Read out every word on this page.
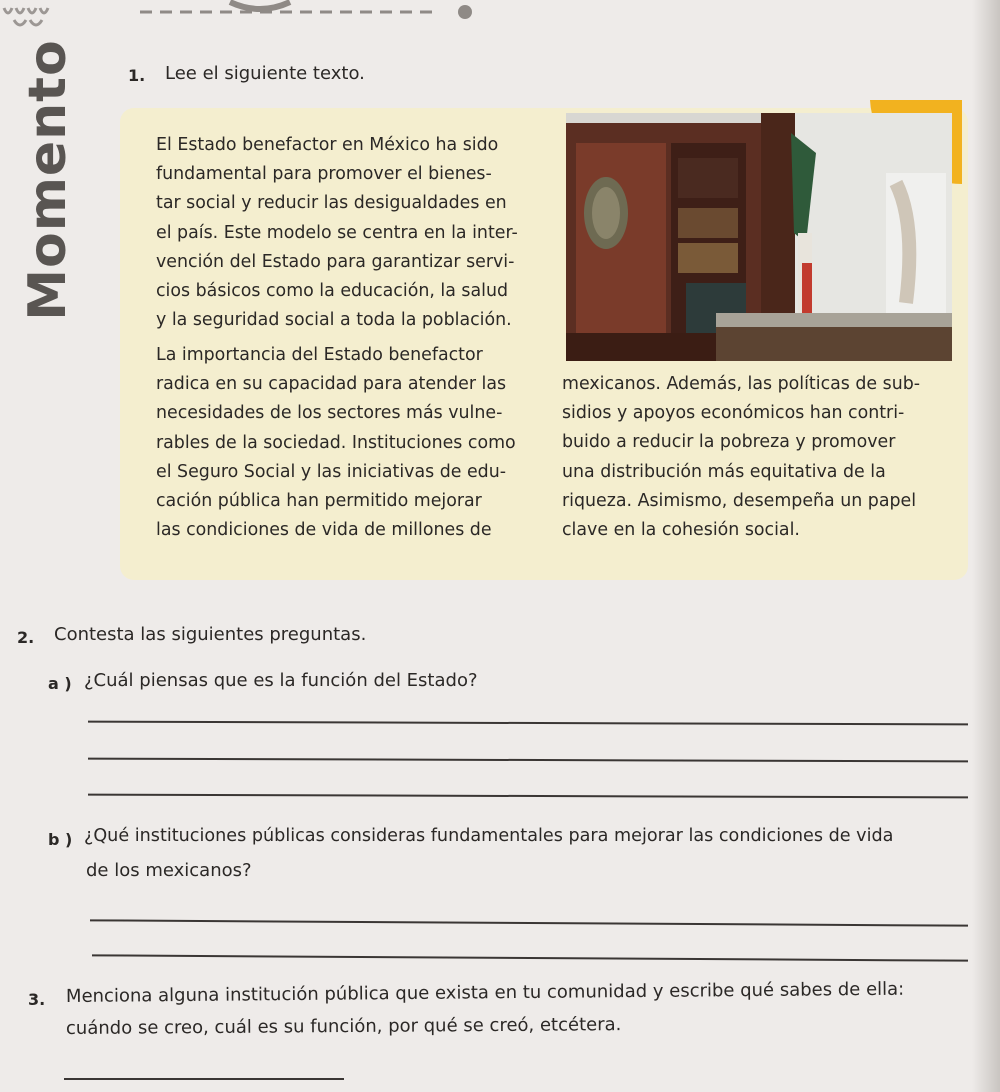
Momento	1. Lee el siguiente texto.
El Estado benefactor en México ha sido
fundamental para promover el bienes-
tar social y reducir las desigualdades en
el país. Este modelo se centra en la inter-
vención del Estado para garantizar servi-
cios básicos como la educación, la salud
y la seguridad social a toda la población.
La importancia del Estado benefactor
radica en su capacidad para atender las
necesidades de los sectores más vulne-
rables de la sociedad. Instituciones como
el Seguro Social y las iniciativas de edu-
cación pública han permitido mejorar
las condiciones de vida de millones de
mexicanos. Además, las políticas de sub-
sidios y apoyos económicos han contri-
buido a reducir la pobreza y promover
una distribución más equitativa de la
riqueza. Asimismo, desempeña un papel
clave en la cohesión social.
2. Contesta las siguientes preguntas.
a ) ¿Cuál piensas que es la función del Estado?
b ) ¿Qué instituciones públicas consideras fundamentales para mejorar las condiciones de vida
de los mexicanos?
3. Menciona alguna institución pública que exista en tu comunidad y escribe qué sabes de ella:
cuándo se creo, cuál es su función, por qué se creó, etcétera.
